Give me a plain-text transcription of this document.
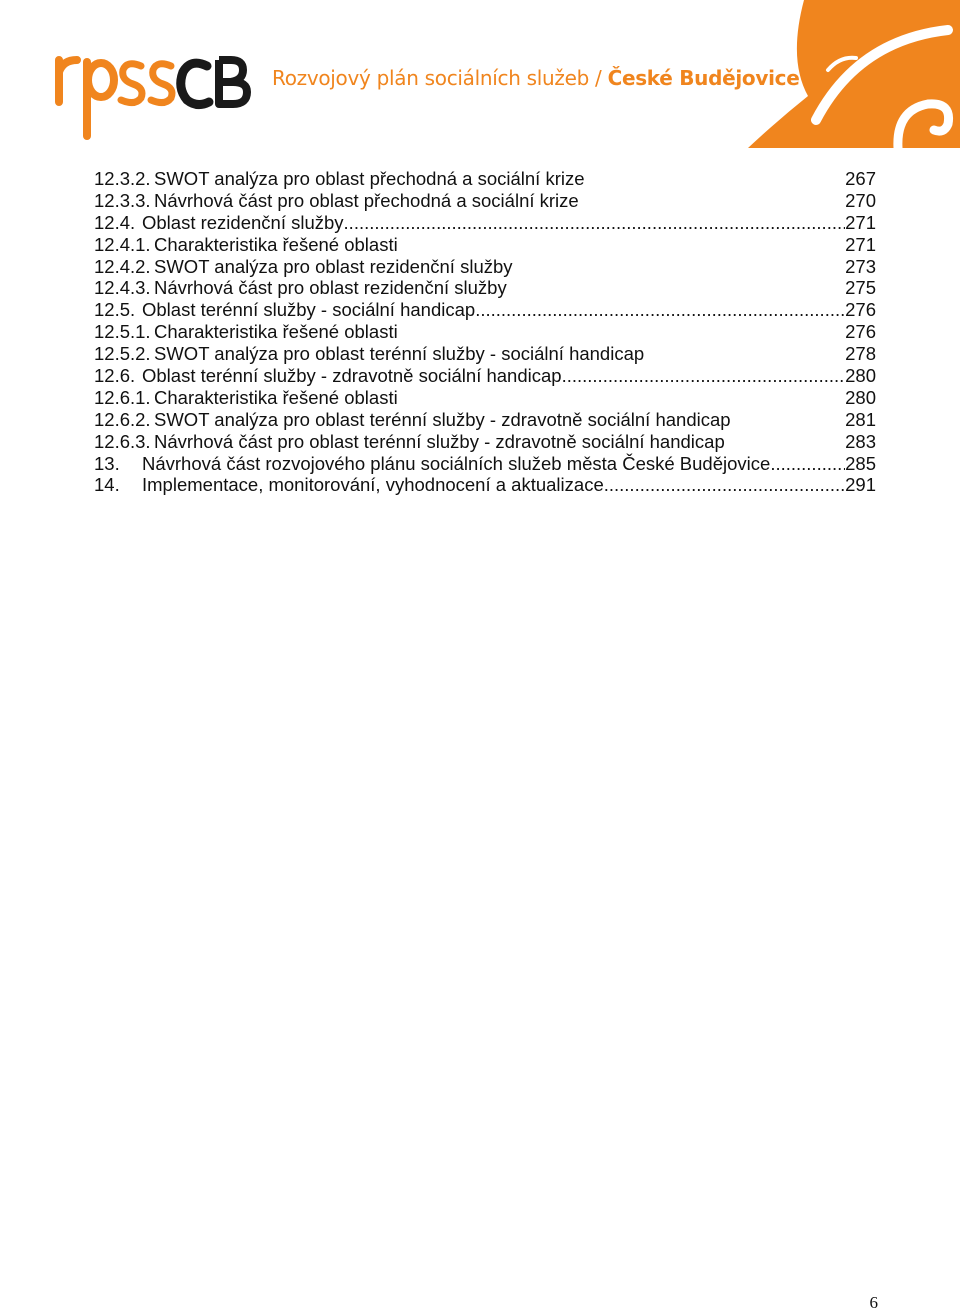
Rozvojový plán sociálních služeb / České Budějovice
12.3.2. SWOT analýza pro oblast přechodná a sociální krize	267
12.3.3. Návrhová část pro oblast přechodná a sociální krize	270
12.4. Oblast rezidenční služby .....	271
12.4.1. Charakteristika řešené oblasti	271
12.4.2. SWOT analýza pro oblast rezidenční služby	273
12.4.3. Návrhová část pro oblast rezidenční služby	275
12.5. Oblast terénní služby - sociální handicap .....	276
12.5.1. Charakteristika řešené oblasti	276
12.5.2. SWOT analýza pro oblast terénní služby - sociální handicap	278
12.6. Oblast terénní služby - zdravotně sociální handicap .....	280
12.6.1. Charakteristika řešené oblasti	280
12.6.2. SWOT analýza pro oblast terénní služby - zdravotně sociální handicap	281
12.6.3. Návrhová část pro oblast terénní služby - zdravotně sociální handicap	283
13. Návrhová část rozvojového plánu sociálních služeb města České Budějovice .....	285
14. Implementace, monitorování, vyhodnocení a aktualizace .....	291
6
